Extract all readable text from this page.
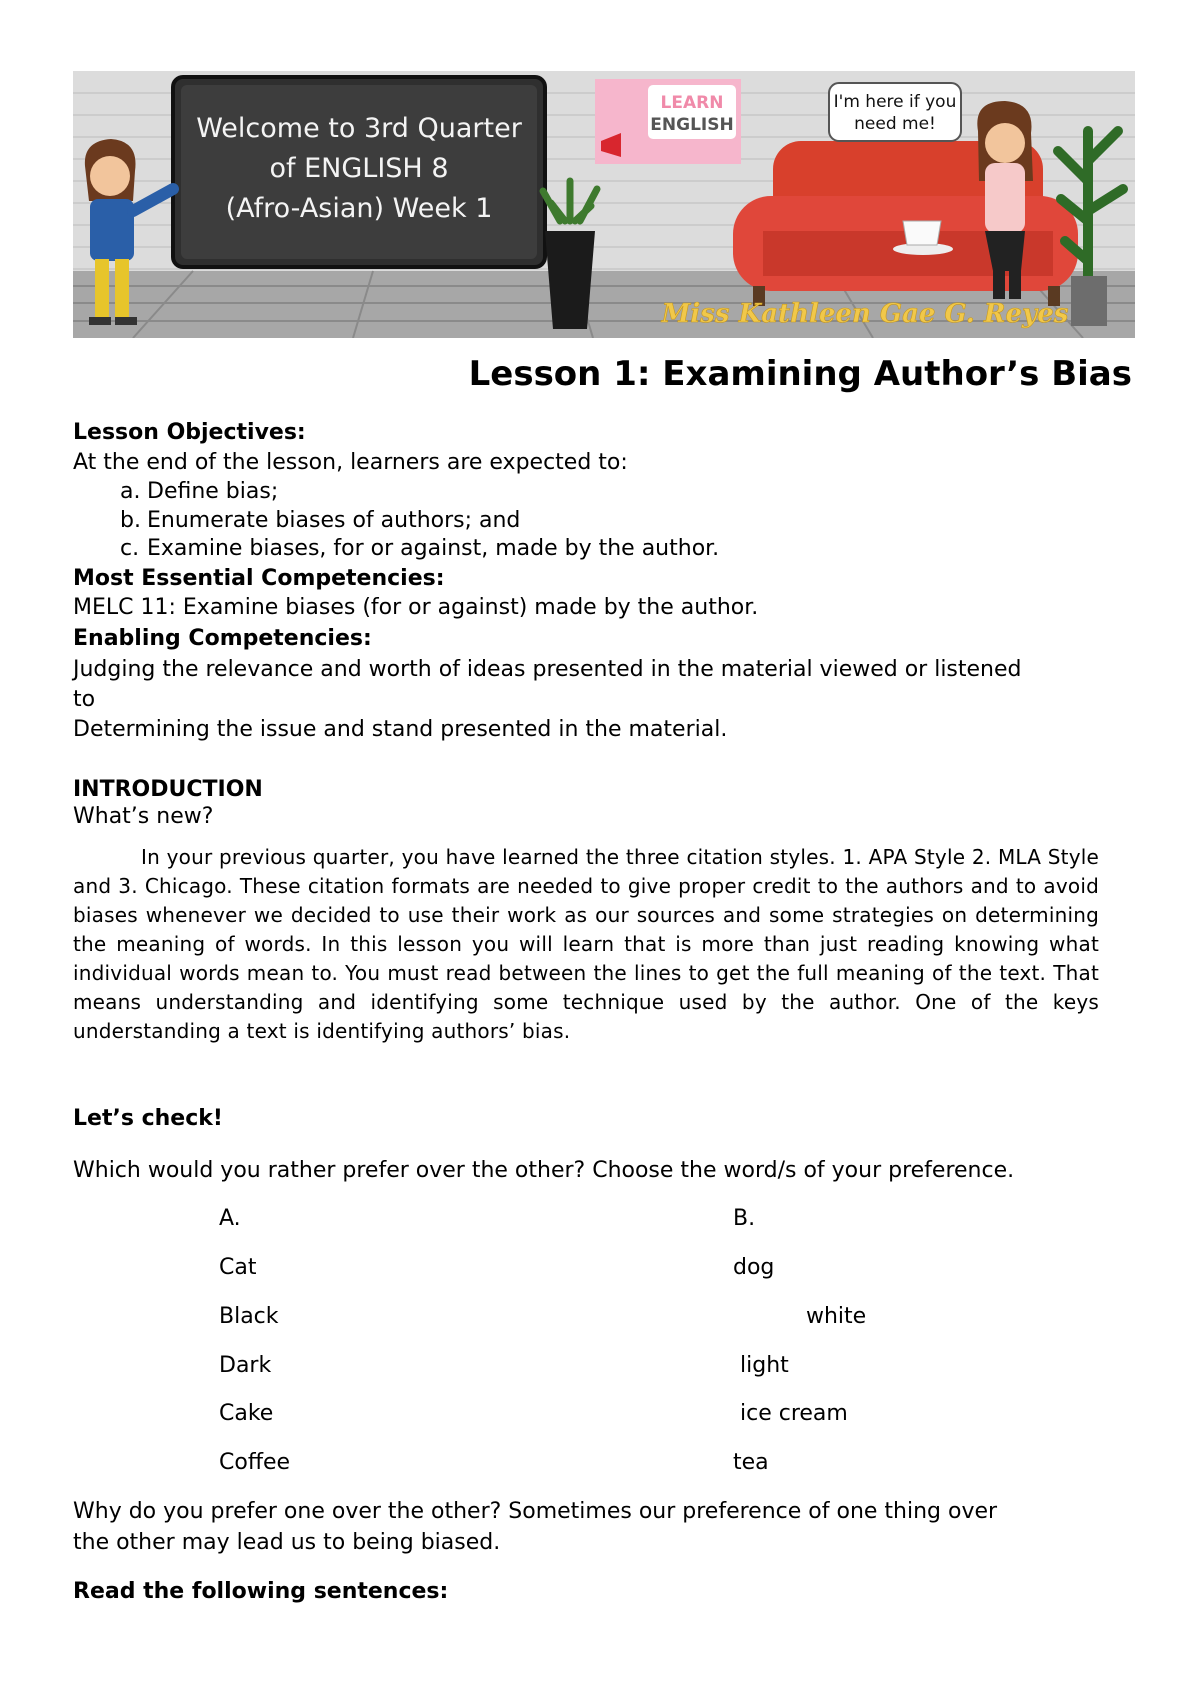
Welcome to 3rd Quarter
of ENGLISH 8
(Afro-Asian) Week 1
LEARN
ENGLISH
I'm here if you
need me!
Miss Kathleen Gae G. Reyes
Lesson 1: Examining Author’s Bias
Lesson Objectives:
At the end of the lesson, learners are expected to:
a. Define bias;
b. Enumerate biases of authors; and
c. Examine biases, for or against, made by the author.
Most Essential Competencies:
MELC 11: Examine biases (for or against) made by the author.
Enabling Competencies:
Judging the relevance and worth of ideas presented in the material viewed or listened
to
Determining the issue and stand presented in the material.
INTRODUCTION
What’s new?
In your previous quarter, you have learned the three citation styles. 1. APA Style 2. MLA Style and 3. Chicago. These citation formats are needed to give proper credit to the authors and to avoid biases whenever we decided to use their work as our sources and some strategies on determining the meaning of words. In this lesson you will learn that is more than just reading knowing what individual words mean to. You must read between the lines to get the full meaning of the text. That means understanding and identifying some technique used by the author. One of the keys understanding a text is identifying authors’ bias.
Let’s check!
Which would you rather prefer over the other? Choose the word/s of your preference.
A.	B.
Cat	dog
Black	white
Dark	light
Cake	ice cream
Coffee	tea
Why do you prefer one over the other? Sometimes our preference of one thing over
the other may lead us to being biased.
Read the following sentences:
